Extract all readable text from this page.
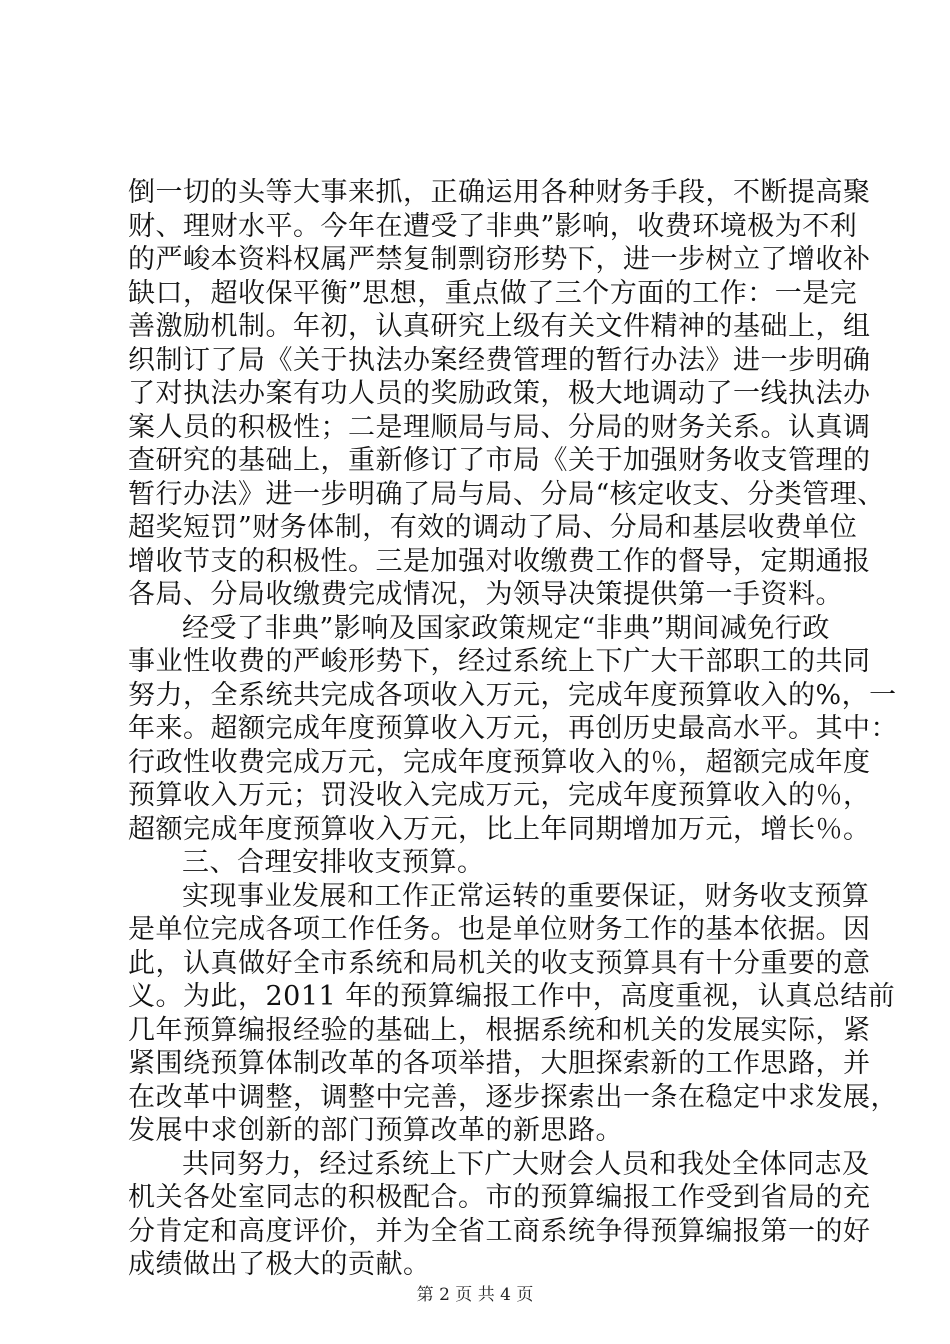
倒一切的头等大事来抓，正确运用各种财务手段，不断提高聚
财、理财水平。今年在遭受了非典”影响，收费环境极为不利
的严峻本资料权属严禁复制剽窃形势下，进一步树立了增收补
缺口，超收保平衡”思想，重点做了三个方面的工作：一是完
善激励机制。年初，认真研究上级有关文件精神的基础上，组
织制订了局《关于执法办案经费管理的暂行办法》进一步明确
了对执法办案有功人员的奖励政策，极大地调动了一线执法办
案人员的积极性；二是理顺局与局、分局的财务关系。认真调
查研究的基础上，重新修订了市局《关于加强财务收支管理的
暂行办法》进一步明确了局与局、分局“核定收支、分类管理、
超奖短罚”财务体制，有效的调动了局、分局和基层收费单位
增收节支的积极性。三是加强对收缴费工作的督导，定期通报
各局、分局收缴费完成情况，为领导决策提供第一手资料。
经受了非典”影响及国家政策规定“非典”期间减免行政
事业性收费的严峻形势下，经过系统上下广大干部职工的共同
努力，全系统共完成各项收入万元，完成年度预算收入的%，一
年来。超额完成年度预算收入万元，再创历史最高水平。其中：
行政性收费完成万元，完成年度预算收入的％，超额完成年度
预算收入万元；罚没收入完成万元，完成年度预算收入的％，
超额完成年度预算收入万元，比上年同期增加万元，增长％。
三、合理安排收支预算。
实现事业发展和工作正常运转的重要保证，财务收支预算
是单位完成各项工作任务。也是单位财务工作的基本依据。因
此，认真做好全市系统和局机关的收支预算具有十分重要的意
义。为此，2011 年的预算编报工作中，高度重视，认真总结前
几年预算编报经验的基础上，根据系统和机关的发展实际，紧
紧围绕预算体制改革的各项举措，大胆探索新的工作思路，并
在改革中调整，调整中完善，逐步探索出一条在稳定中求发展，
发展中求创新的部门预算改革的新思路。
共同努力，经过系统上下广大财会人员和我处全体同志及
机关各处室同志的积极配合。市的预算编报工作受到省局的充
分肯定和高度评价，并为全省工商系统争得预算编报第一的好
成绩做出了极大的贡献。
第 2 页 共 4 页
